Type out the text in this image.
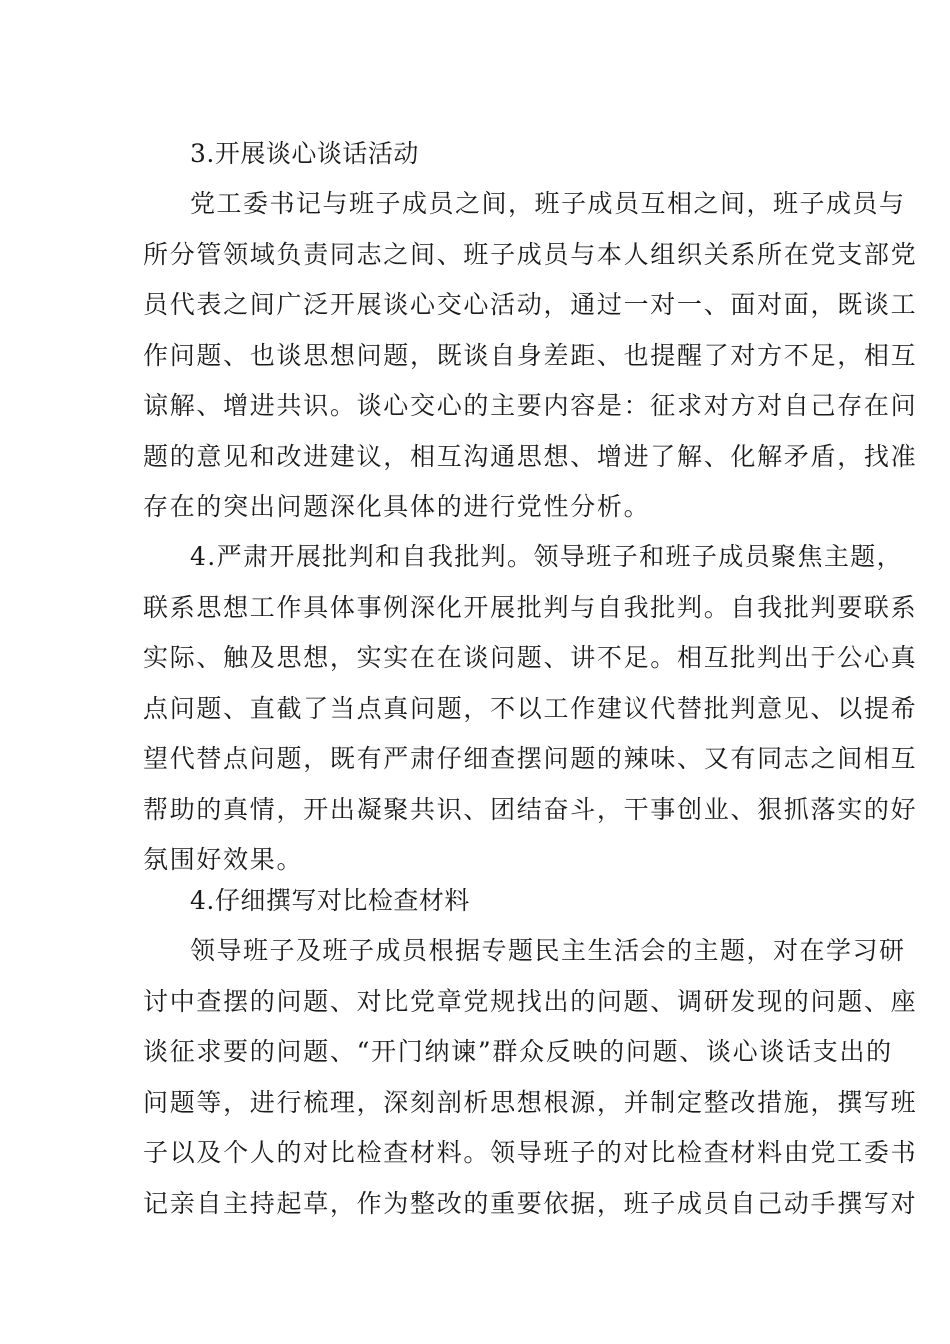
3.开展谈心谈话活动
党工委书记与班子成员之间，班子成员互相之间，班子成员与
所分管领域负责同志之间、班子成员与本人组织关系所在党支部党
员代表之间广泛开展谈心交心活动，通过一对一、面对面，既谈工
作问题、也谈思想问题，既谈自身差距、也提醒了对方不足，相互
谅解、增进共识。谈心交心的主要内容是：征求对方对自己存在问
题的意见和改进建议，相互沟通思想、增进了解、化解矛盾，找准
存在的突出问题深化具体的进行党性分析。
4.严肃开展批判和自我批判。领导班子和班子成员聚焦主题，
联系思想工作具体事例深化开展批判与自我批判。自我批判要联系
实际、触及思想，实实在在谈问题、讲不足。相互批判出于公心真
点问题、直截了当点真问题，不以工作建议代替批判意见、以提希
望代替点问题，既有严肃仔细查摆问题的辣味、又有同志之间相互
帮助的真情，开出凝聚共识、团结奋斗，干事创业、狠抓落实的好
氛围好效果。
4.仔细撰写对比检查材料
领导班子及班子成员根据专题民主生活会的主题，对在学习研
讨中查摆的问题、对比党章党规找出的问题、调研发现的问题、座
谈征求要的问题、“开门纳谏”群众反映的问题、谈心谈话支出的
问题等，进行梳理，深刻剖析思想根源，并制定整改措施，撰写班
子以及个人的对比检查材料。领导班子的对比检查材料由党工委书
记亲自主持起草，作为整改的重要依据，班子成员自己动手撰写对
